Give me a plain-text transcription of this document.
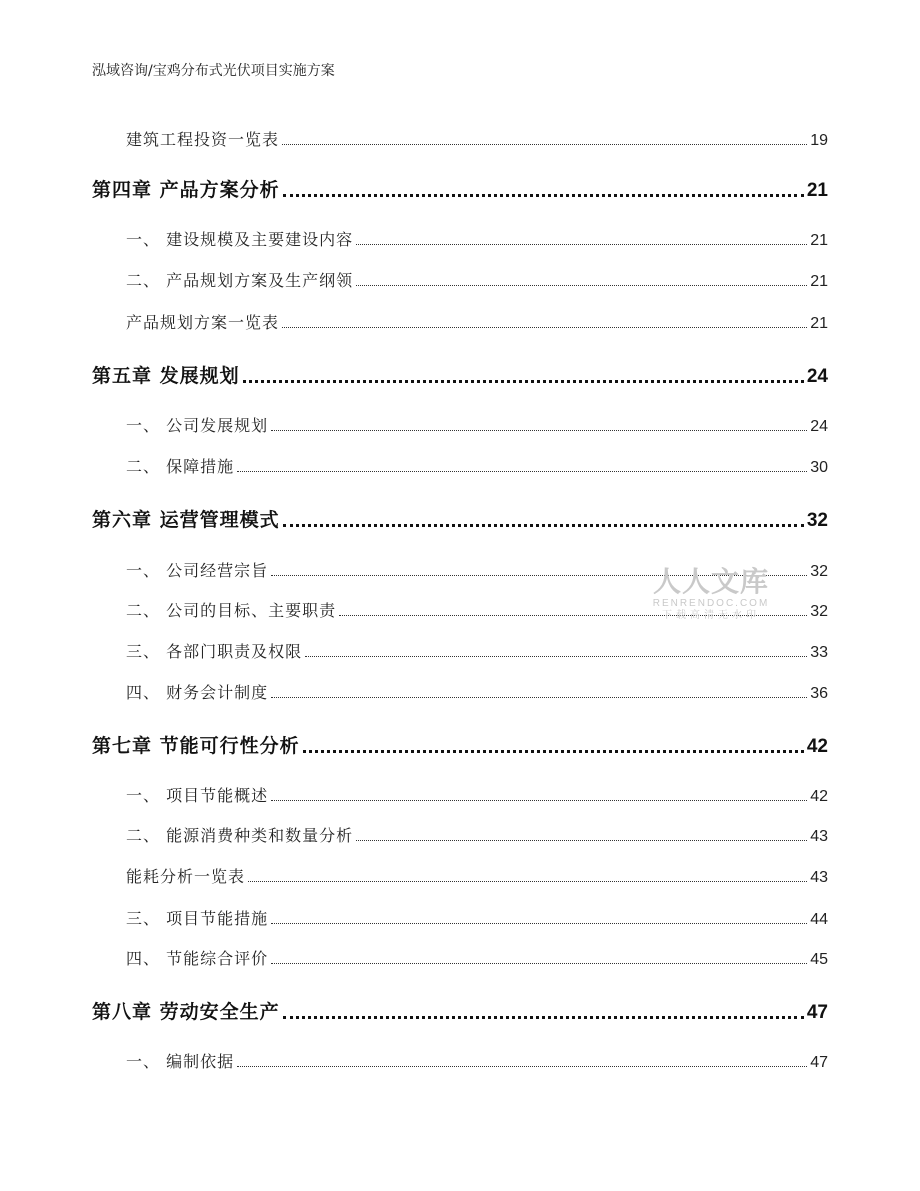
泓域咨询/宝鸡分布式光伏项目实施方案
建筑工程投资一览表	19
第四章 产品方案分析	21
一、 建设规模及主要建设内容	21
二、 产品规划方案及生产纲领	21
产品规划方案一览表	21
第五章 发展规划	24
一、 公司发展规划	24
二、 保障措施	30
第六章 运营管理模式	32
一、 公司经营宗旨	32
二、 公司的目标、主要职责	32
三、 各部门职责及权限	33
四、 财务会计制度	36
第七章 节能可行性分析	42
一、 项目节能概述	42
二、 能源消费种类和数量分析	43
能耗分析一览表	43
三、 项目节能措施	44
四、 节能综合评价	45
第八章 劳动安全生产	47
一、 编制依据	47
人人文库
RENRENDOC.COM
下载高清无水印
